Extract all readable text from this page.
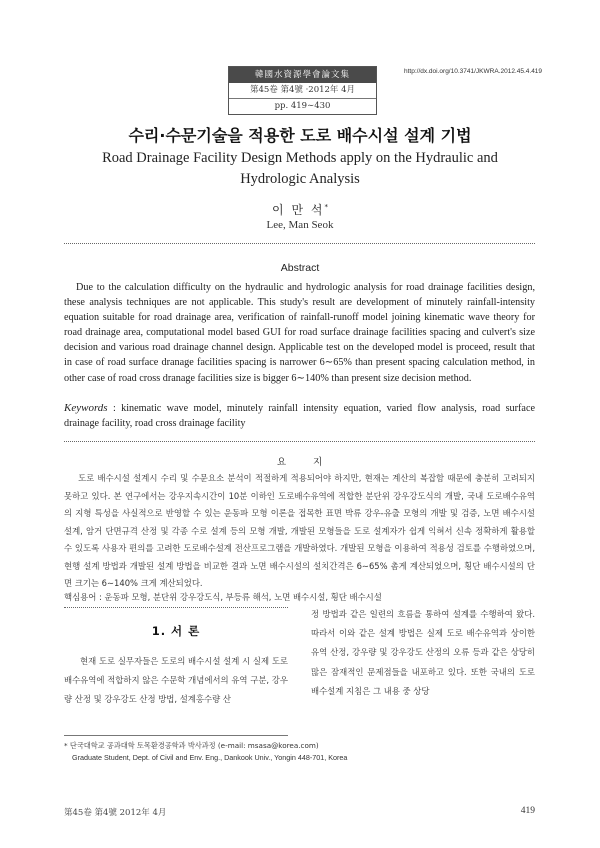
韓國水資源學會論文集
第45卷 第4號 ·2012年 4月
pp. 419∼430
http://dx.doi.org/10.3741/JKWRA.2012.45.4.419
수리·수문기술을 적용한 도로 배수시설 설계 기법
Road Drainage Facility Design Methods apply on the Hydraulic and Hydrologic Analysis
이 만 석*
Lee, Man Seok
Abstract

Due to the calculation difficulty on the hydraulic and hydrologic analysis for road drainage facilities design, these analysis techniques are not applicable. This study's result are development of minutely rainfall-intensity equation suitable for road drainage area, verification of rainfall-runoff model joining kinematic wave theory for road drainage area, computational model based GUI for road surface drainage facilities spacing and culvert's size decision and various road drainage channel design. Applicable test on the developed model is proceed, result that in case of road surface dranage facilities spacing is narrower 6∼65% than present spacing calculation method, in other case of road cross dranage facilities size is bigger 6∼140% than present size decision method.

Keywords : kinematic wave model, minutely rainfall intensity equation, varied flow analysis, road surface drainage facility, road cross drainage facility

요 지

도로 배수시설 설계시 수리 및 수문요소 분석이 적절하게 적용되어야 하지만, 현재는 계산의 복잡함 때문에 충분히 고려되지 못하고 있다. 본 연구에서는 강우지속시간이 10분 이하인 도로배수유역에 적합한 분단위 강우강도식의 개발, 국내 도로배수유역의 지형 특성을 사실적으로 반영할 수 있는 운동파 모형 이론을 접목한 표면 박류 강우-유출 모형의 개발 및 검증, 노면 배수시설 설계, 암거 단면규격 산정 및 각종 수로 설계 등의 모형 개발, 개발된 모형들을 도로 설계자가 쉽게 익혀서 신속 정확하게 활용할 수 있도록 사용자 편의를 고려한 도로배수설계 전산프로그램을 개발하였다. 개발된 모형을 이용하여 적용성 검토를 수행하였으며, 현행 설계 방법과 개발된 설계 방법을 비교한 결과 노면 배수시설의 설치간격은 6∼65% 촘게 계산되었으며, 횡단 배수시설의 단면 크기는 6∼140% 크게 계산되었다.

핵심용어 : 운동파 모형, 분단위 강우강도식, 부등류 해석, 노면 배수시설, 횡단 배수시설
1. 서 론

현재 도로 실무자들은 도로의 배수시설 설계 시 실제 도로 배수유역에 적합하지 않은 수문학 개념에서의 유역 구분, 강우량 산정 및 강우강도 산정 방법, 설계홍수량 산

정 방법과 같은 일련의 흐름을 통하여 설계를 수행하여 왔다. 따라서 이와 같은 설계 방법은 실제 도로 배수유역과 상이한 유역 산정, 강우량 및 강우강도 산정의 오류 등과 같은 상당히 많은 잠재적인 문제점들을 내포하고 있다. 또한 국내의 도로 배수설계 지침은 그 내용 중 상당

* 단국대학교 공과대학 토목환경공학과 박사과정 (e-mail: msasa@korea.com)
Graduate Student, Dept. of Civil and Env. Eng., Dankook Univ., Yongin 448-701, Korea
第45卷 第4號 2012年 4月	419
